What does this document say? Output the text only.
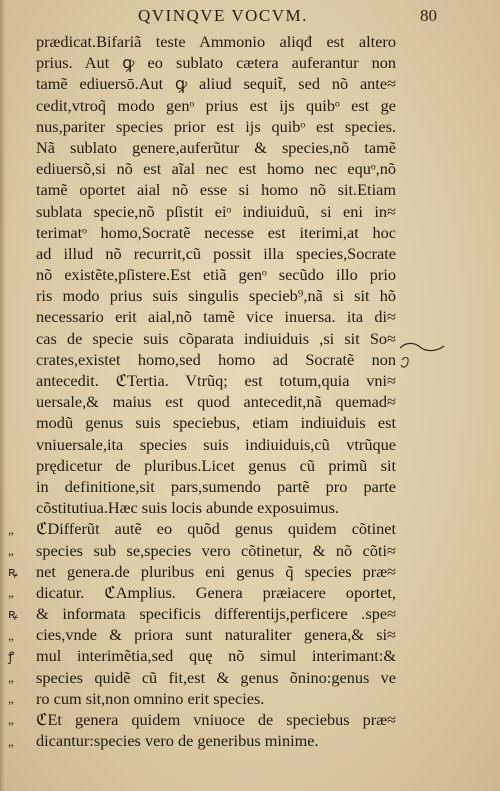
QVINQVE VOCVM.	80
„
„
ꝶ
„
ꝶ
„
ꝭ
„
„
„
„
prædicat.Bifariã teste Ammonio aliqđ est altero
prius. Aut ꝙ eo sublato cætera auferantur non
tamẽ ediuersō.Aut ꝙ aliud sequit̃, sed nõ ante≈
cedit,vtroq̃ modo genᵒ prius est ijs quibᵒ est ge
nus,pariter species prior est ijs quibᵒ est species.
Nã sublato genere,auferũtur & species,nõ tamẽ
ediuersõ,si nõ est aĩal nec est homo nec equᵒ,nõ
tamẽ oportet aial nõ esse si homo nõ sit.Etiam
sublata specie,nõ pſistit eiᵒ indiuiduũ, si eni in≈
terimatᵒ homo,Socratẽ necesse est iterimi,at hoc
ad illud nõ recurrit,cũ possit illa species,Socrate
nõ existẽte,pſistere.Est etiã genᵒ secũdo illo prio
ris modo prius suis singulis specieb⁹,nã si sit hõ
necessario erit aial,nõ tamẽ vice inuersa. ita di≈
cas de specie suis cõparata indiuiduis ,si sit So≈
crates,existet homo,sed homo ad Socratẽ non
antecedit. ℭTertia. Vtrũq; est totum,quia vni≈
uersale,& maius est quod antecedit,nã quemad≈
modũ genus suis speciebus, etiam indiuiduis est
vniuersale,ita species suis indiuiduis,cũ vtrũque
prędicetur de pluribus.Licet genus cũ primũ sit
in definitione,sit pars,sumendo partẽ pro parte
cõstitutiua.Hæc suis locis abunde exposuimus.
ℭDifferũt autẽ eo quõd genus quidem cõtinet
species sub se,species vero cõtinetur, & nõ cõti≈
net genera.de pluribus eni genus q̃ species præ≈
dicatur. ℭAmplius. Genera præiacere oportet,
& informata specificis differentijs,perficere .spe≈
cies,vnde & priora sunt naturaliter genera,& si≈
mul interimẽtia,sed quę nõ simul interimant:&
species quidẽ cũ fit,est & genus õnino:genus ve
ro cum sit,non omnino erit species.
ℭEt genera quidem vniuoce de speciebus præ≈
dicantur:species vero de generibus minime.
